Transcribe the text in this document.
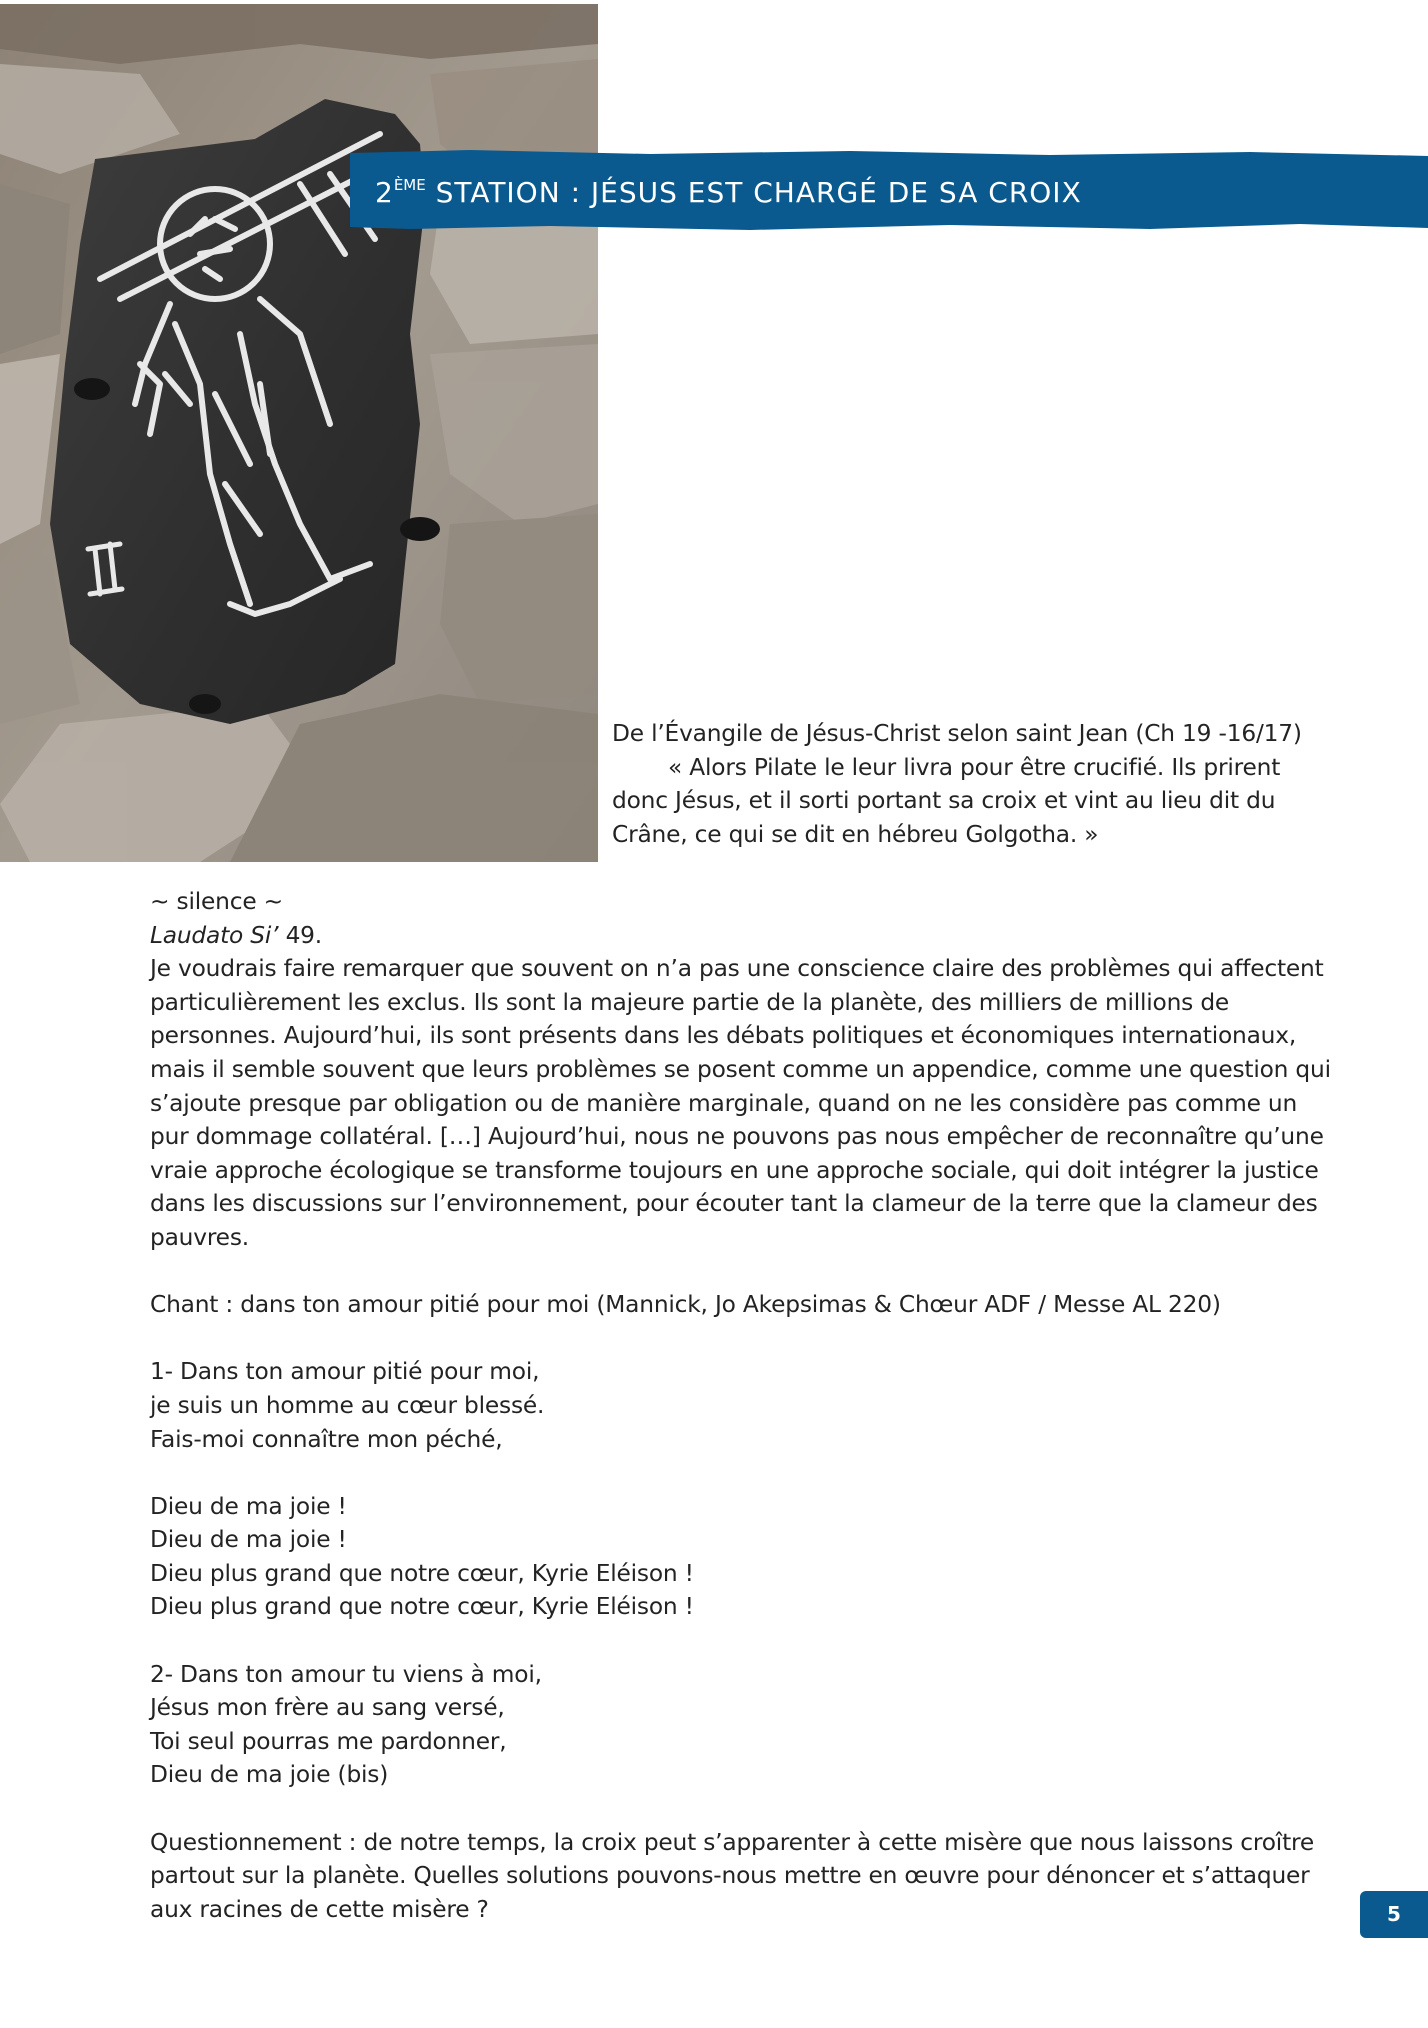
2ÈME STATION : JÉSUS EST CHARGÉ DE SA CROIX
De l’Évangile de Jésus-Christ selon saint Jean (Ch 19 -16/17)
« Alors Pilate le leur livra pour être crucifié. Ils prirent
donc Jésus, et il sorti portant sa croix et vint au lieu dit du
Crâne, ce qui se dit en hébreu Golgotha. »
~ silence ~
Laudato Si’ 49.
Je voudrais faire remarquer que souvent on n’a pas une conscience claire des problèmes qui affectent
particulièrement les exclus. Ils sont la majeure partie de la planète, des milliers de millions de
personnes. Aujourd’hui, ils sont présents dans les débats politiques et économiques internationaux,
mais il semble souvent que leurs problèmes se posent comme un appendice, comme une question qui
s’ajoute presque par obligation ou de manière marginale, quand on ne les considère pas comme un
pur dommage collatéral. […] Aujourd’hui, nous ne pouvons pas nous empêcher de reconnaître qu’une
vraie approche écologique se transforme toujours en une approche sociale, qui doit intégrer la justice
dans les discussions sur l’environnement, pour écouter tant la clameur de la terre que la clameur des
pauvres.
Chant : dans ton amour pitié pour moi (Mannick, Jo Akepsimas & Chœur ADF / Messe AL 220)
1- Dans ton amour pitié pour moi,
je suis un homme au cœur blessé.
Fais-moi connaître mon péché,
Dieu de ma joie !
Dieu de ma joie !
Dieu plus grand que notre cœur, Kyrie Eléison !
Dieu plus grand que notre cœur, Kyrie Eléison !
2- Dans ton amour tu viens à moi,
Jésus mon frère au sang versé,
Toi seul pourras me pardonner,
Dieu de ma joie (bis)
Questionnement : de notre temps, la croix peut s’apparenter à cette misère que nous laissons croître
partout sur la planète. Quelles solutions pouvons-nous mettre en œuvre pour dénoncer et s’attaquer
aux racines de cette misère ?	5
